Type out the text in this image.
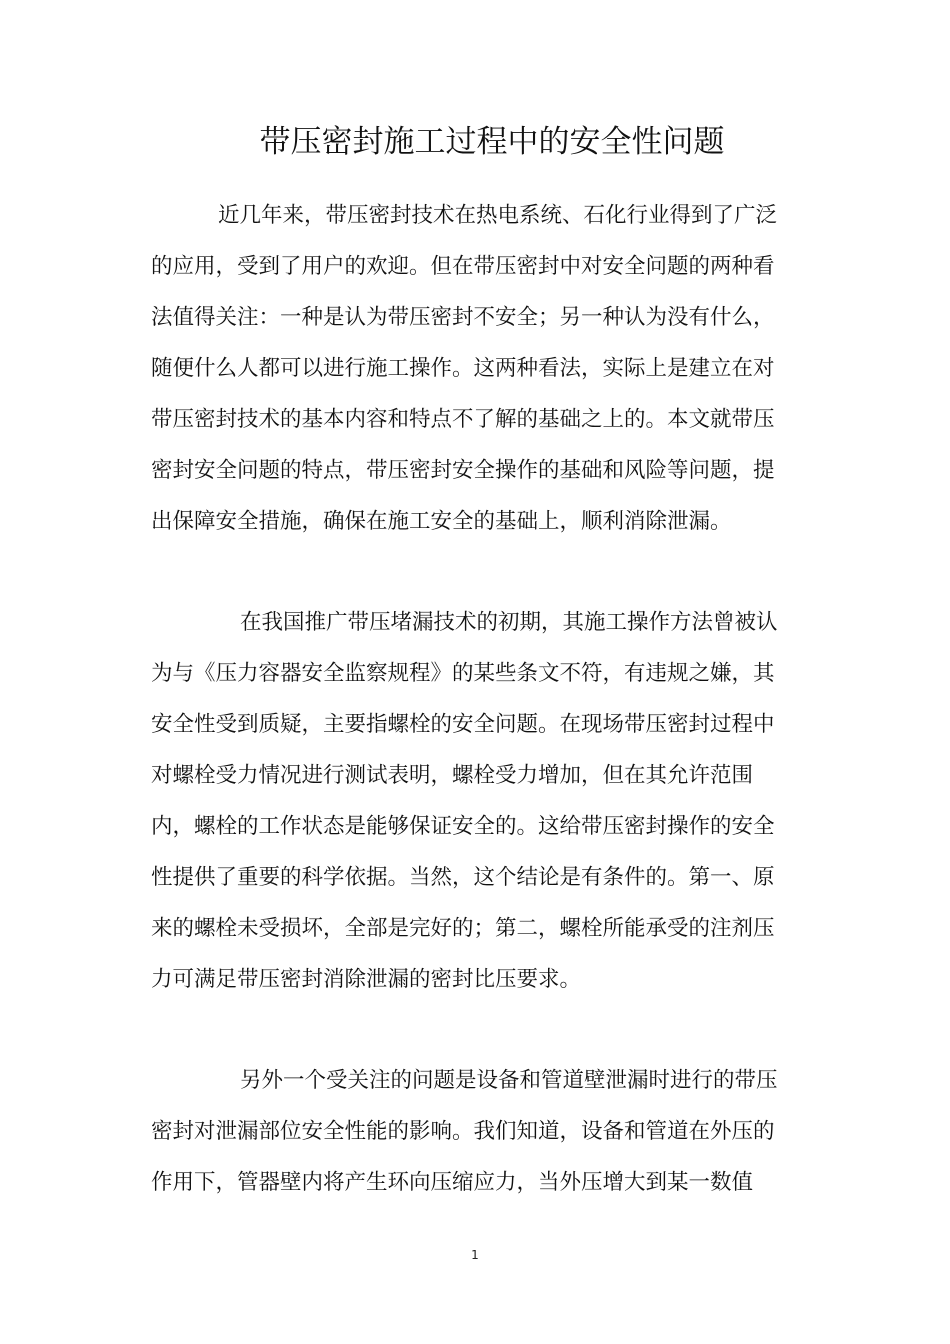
带压密封施工过程中的安全性问题

近几年来，带压密封技术在热电系统、石化行业得到了广泛

的应用，受到了用户的欢迎。但在带压密封中对安全问题的两种看

法值得关注：一种是认为带压密封不安全；另一种认为没有什么，

随便什么人都可以进行施工操作。这两种看法，实际上是建立在对

带压密封技术的基本内容和特点不了解的基础之上的。本文就带压

密封安全问题的特点，带压密封安全操作的基础和风险等问题，提

出保障安全措施，确保在施工安全的基础上，顺利消除泄漏。

在我国推广带压堵漏技术的初期，其施工操作方法曾被认

为与《压力容器安全监察规程》的某些条文不符，有违规之嫌，其

安全性受到质疑，主要指螺栓的安全问题。在现场带压密封过程中

对螺栓受力情况进行测试表明，螺栓受力增加，但在其允许范围

内，螺栓的工作状态是能够保证安全的。这给带压密封操作的安全

性提供了重要的科学依据。当然，这个结论是有条件的。第一、原

来的螺栓未受损坏，全部是完好的；第二，螺栓所能承受的注剂压

力可满足带压密封消除泄漏的密封比压要求。

另外一个受关注的问题是设备和管道壁泄漏时进行的带压

密封对泄漏部位安全性能的影响。我们知道，设备和管道在外压的

作用下，管器壁内将产生环向压缩应力，当外压增大到某一数值

1
